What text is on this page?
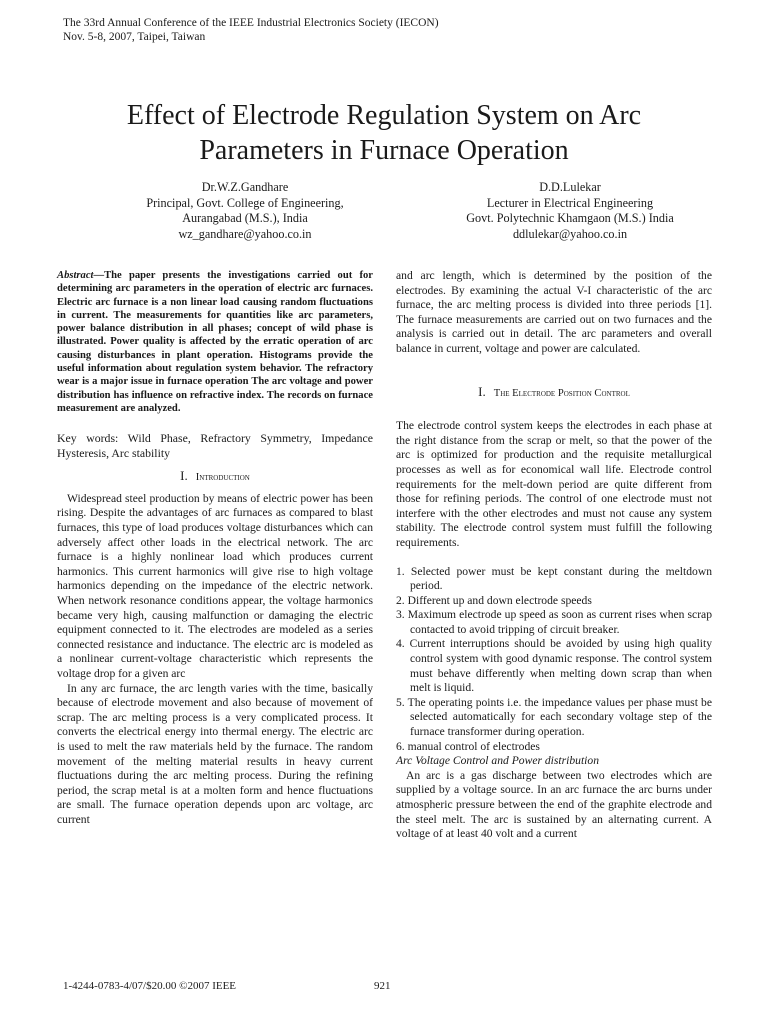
The 33rd Annual Conference of the IEEE Industrial Electronics Society (IECON)
Nov. 5-8, 2007, Taipei, Taiwan
Effect of Electrode Regulation System on Arc
Parameters in Furnace Operation
Dr.W.Z.Gandhare
Principal, Govt. College of Engineering,
Aurangabad (M.S.), India
wz_gandhare@yahoo.co.in
D.D.Lulekar
Lecturer in Electrical Engineering
Govt. Polytechnic Khamgaon (M.S.) India
ddlulekar@yahoo.co.in

Abstract—The paper presents the investigations carried out for determining arc parameters in the operation of electric arc furnaces. Electric arc furnace is a non linear load causing random fluctuations in current. The measurements for quantities like arc parameters, power balance distribution in all phases; concept of wild phase is illustrated. Power quality is affected by the erratic operation of arc causing disturbances in plant operation. Histograms provide the useful information about regulation system behavior. The refractory wear is a major issue in furnace operation The arc voltage and power distribution has influence on refractive index. The records on furnace measurement are analyzed.

Key words: Wild Phase, Refractory Symmetry, Impedance Hysteresis, Arc stability

I. Introduction

Widespread steel production by means of electric power has been rising. Despite the advantages of arc furnaces as compared to blast furnaces, this type of load produces voltage disturbances which can adversely affect other loads in the electrical network. The arc furnace is a highly nonlinear load which produces current harmonics. This current harmonics will give rise to high voltage harmonics depending on the impedance of the electric network. When network resonance conditions appear, the voltage harmonics became very high, causing malfunction or damaging the electric equipment connected to it. The electrodes are modeled as a series connected resistance and inductance. The electric arc is modeled as a nonlinear current-voltage characteristic which represents the voltage drop for a given arc

In any arc furnace, the arc length varies with the time, basically because of electrode movement and also because of movement of scrap. The arc melting process is a very complicated process. It converts the electrical energy into thermal energy. The electric arc is used to melt the raw materials held by the furnace. The random movement of the melting material results in heavy current fluctuations during the arc melting process. During the refining period, the scrap metal is at a molten form and hence fluctuations are small. The furnace operation depends upon arc voltage, arc current

and arc length, which is determined by the position of the electrodes. By examining the actual V-I characteristic of the arc furnace, the arc melting process is divided into three periods [1]. The furnace measurements are carried out on two furnaces and the analysis is carried out in detail. The arc parameters and overall balance in current, voltage and power are calculated.

I. The Electrode Position Control

The electrode control system keeps the electrodes in each phase at the right distance from the scrap or melt, so that the power of the arc is optimized for production and the requisite metallurgical processes as well as for economical wall life. Electrode control requirements for the melt-down period are quite different from those for refining periods. The control of one electrode must not interfere with the other electrodes and must not cause any system stability. The electrode control system must fulfill the following requirements.

1. Selected power must be kept constant during the meltdown period.
2. Different up and down electrode speeds
3. Maximum electrode up speed as soon as current rises when scrap contacted to avoid tripping of circuit breaker.
4. Current interruptions should be avoided by using high quality control system with good dynamic response. The control system must behave differently when melting down scrap than when melt is liquid.
5. The operating points i.e. the impedance values per phase must be selected automatically for each secondary voltage step of the furnace transformer during operation.
6. manual control of electrodes

Arc Voltage Control and Power distribution

An arc is a gas discharge between two electrodes which are supplied by a voltage source. In an arc furnace the arc burns under atmospheric pressure between the end of the graphite electrode and the steel melt. The arc is sustained by an alternating current. A voltage of at least 40 volt and a current

1-4244-0783-4/07/$20.00 ©2007 IEEE	921
